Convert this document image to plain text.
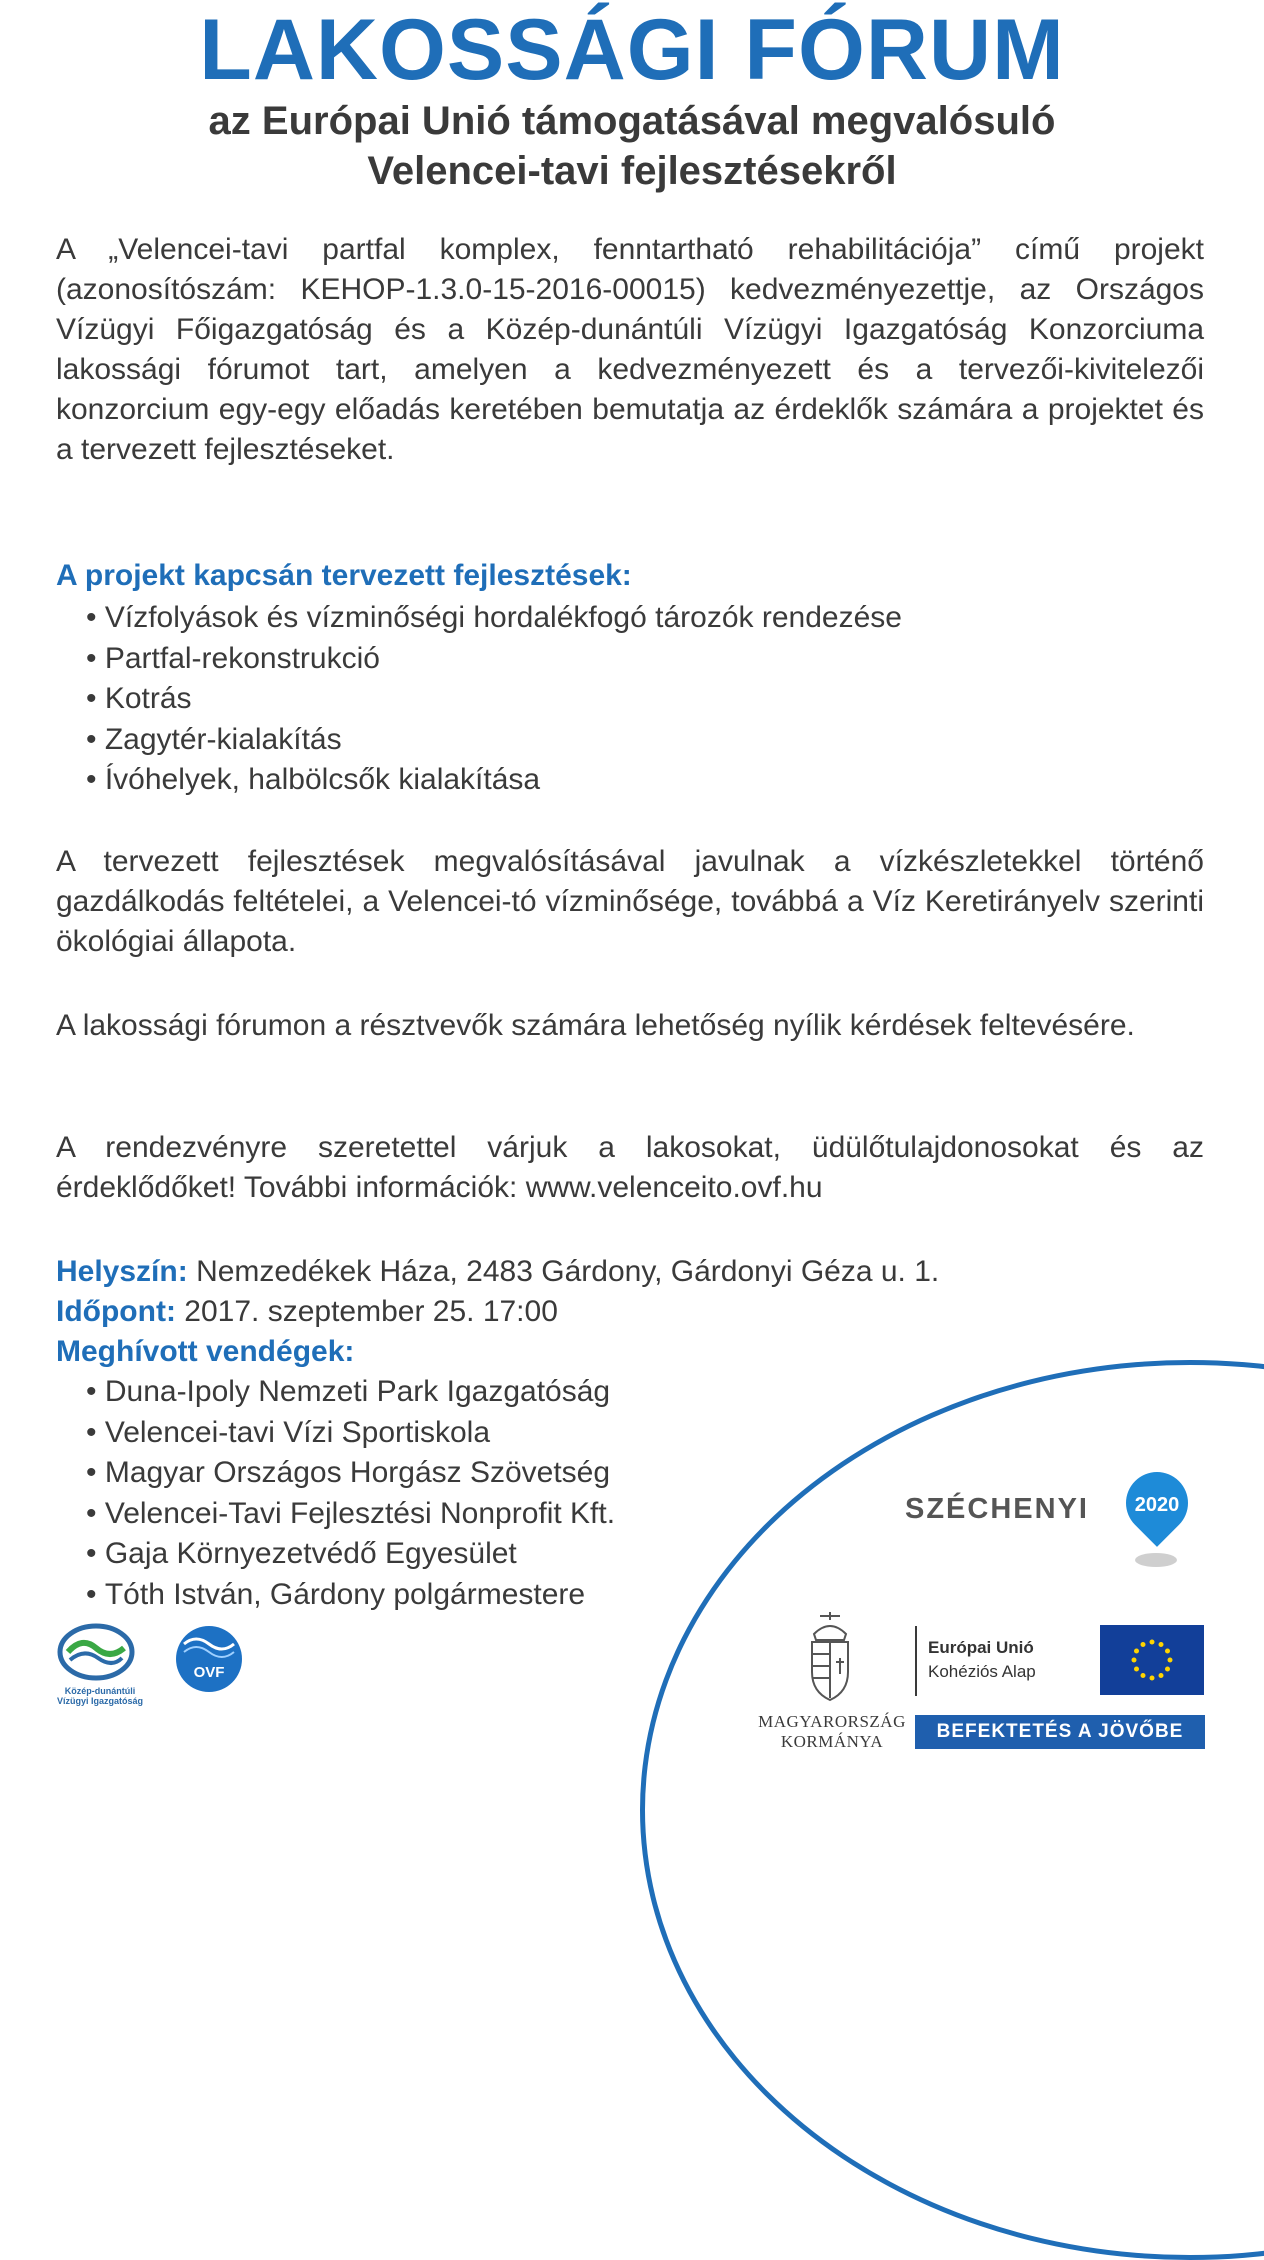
LAKOSSÁGI FÓRUM
az Európai Unió támogatásával megvalósuló
Velencei-tavi fejlesztésekről
A „Velencei-tavi partfal komplex, fenntartható rehabilitációja” című projekt (azonosítószám: KEHOP-1.3.0-15-2016-00015) kedvezményezettje, az Országos Vízügyi Főigazgatóság és a Közép-dunántúli Vízügyi Igazgatóság Konzorciuma lakossági fórumot tart, amelyen a kedvezményezett és a tervezői-kivitelezői konzorcium egy-egy előadás keretében bemutatja az érdeklők számára a projektet és a tervezett fejlesztéseket.
A projekt kapcsán tervezett fejlesztések:
• Vízfolyások és vízminőségi hordalékfogó tározók rendezése
• Partfal-rekonstrukció
• Kotrás
• Zagytér-kialakítás
• Ívóhelyek, halbölcsők kialakítása
A tervezett fejlesztések megvalósításával javulnak a vízkészletekkel történő gazdálkodás feltételei, a Velencei-tó vízminősége, továbbá a Víz Keretirányelv szerinti ökológiai állapota.
A lakossági fórumon a résztvevők számára lehetőség nyílik kérdések feltevésére.
A rendezvényre szeretettel várjuk a lakosokat, üdülőtulajdonosokat és az érdeklődőket! További információk: www.velenceito.ovf.hu
Helyszín: Nemzedékek Háza, 2483 Gárdony, Gárdonyi Géza u. 1.
Időpont: 2017. szeptember 25. 17:00
Meghívott vendégek:
• Duna-Ipoly Nemzeti Park Igazgatóság
• Velencei-tavi Vízi Sportiskola
• Magyar Országos Horgász Szövetség
• Velencei-Tavi Fejlesztési Nonprofit Kft.
• Gaja Környezetvédő Egyesület
• Tóth István, Gárdony polgármestere
SZÉCHENYI	2020
MAGYARORSZÁG
KORMÁNYA
Európai Unió
Kohéziós Alap
BEFEKTETÉS A JÖVŐBE
Közép-dunántúli
Vízügyi Igazgatóság
OVF
